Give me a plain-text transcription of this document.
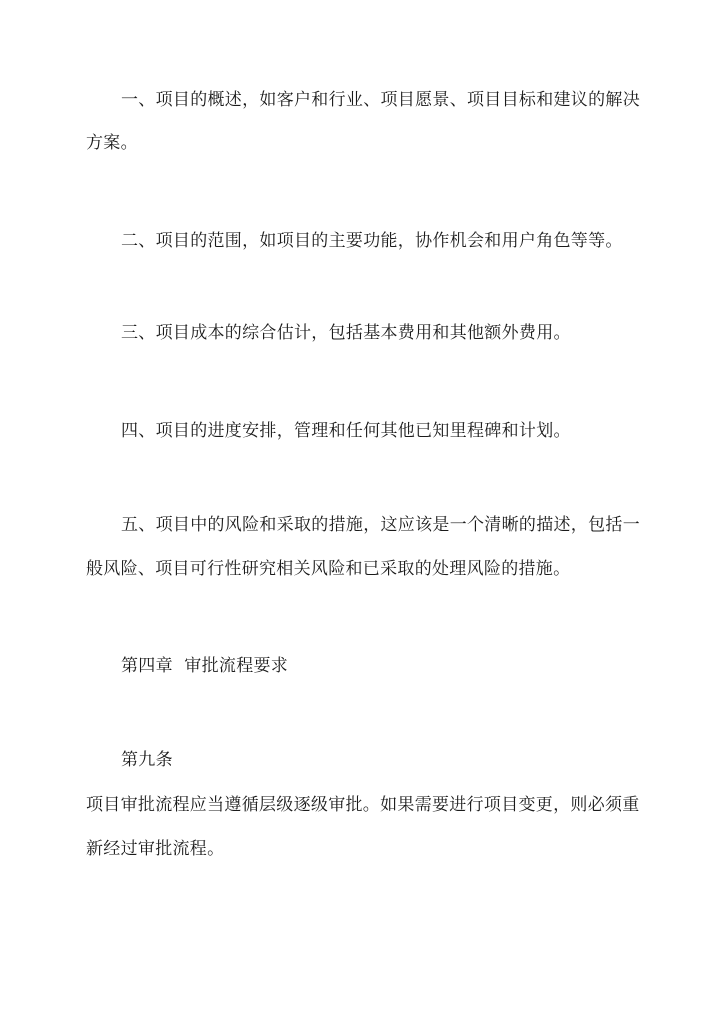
一、项目的概述，如客户和行业、项目愿景、项目目标和建议的解决
方案。
二、项目的范围，如项目的主要功能，协作机会和用户角色等等。
三、项目成本的综合估计，包括基本费用和其他额外费用。
四、项目的进度安排，管理和任何其他已知里程碑和计划。
五、项目中的风险和采取的措施，这应该是一个清晰的描述，包括一
般风险、项目可行性研究相关风险和已采取的处理风险的措施。
第四章  审批流程要求
第九条
项目审批流程应当遵循层级逐级审批。如果需要进行项目变更，则必须重
新经过审批流程。
